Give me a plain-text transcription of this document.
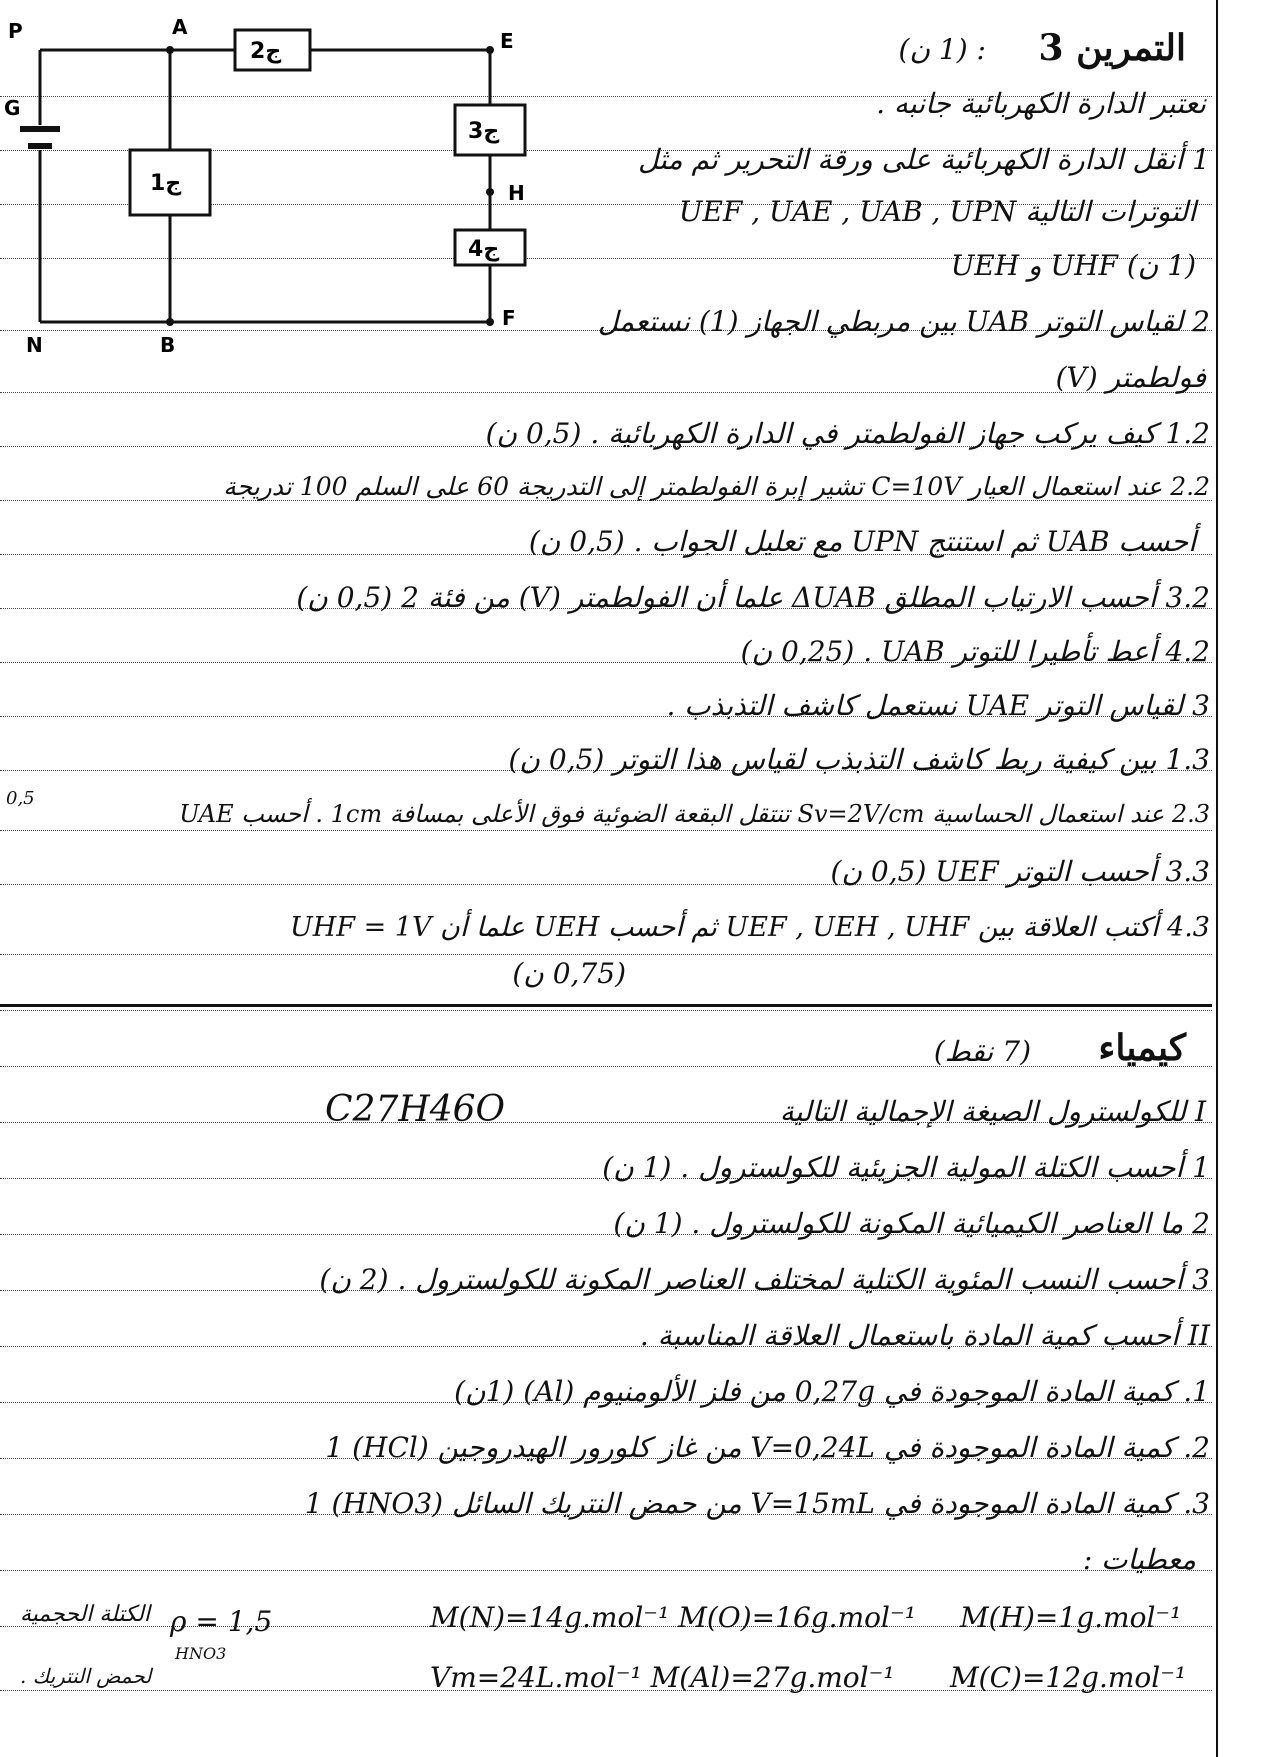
P	A
E
G
H
F
N	B
ج2
ج3
ج1
ج4
التمرين 3
: (1 ن)
نعتبر الدارة الكهربائية جانبه .
1 أنقل الدارة الكهربائية على ورقة التحرير ثم مثل
التوترات التالية UEF , UAE , UAB , UPN
(1 ن) UHF و UEH
2 لقياس التوتر UAB بين مربطي الجهاز (1) نستعمل
فولطمتر (V)
1.2 كيف يركب جهاز الفولطمتر في الدارة الكهربائية . (0,5 ن)
2.2 عند استعمال العيار C=10V تشير إبرة الفولطمتر إلى التدريجة 60 على السلم 100 تدريجة
أحسب UAB ثم استنتج UPN مع تعليل الجواب . (0,5 ن)
3.2 أحسب الارتياب المطلق ΔUAB علما أن الفولطمتر (V) من فئة 2 (0,5 ن)
4.2 أعط تأطيرا للتوتر UAB . (0,25 ن)
3 لقياس التوتر UAE نستعمل كاشف التذبذب .
1.3 بين كيفية ربط كاشف التذبذب لقياس هذا التوتر (0,5 ن)
2.3 عند استعمال الحساسية Sv=2V/cm تنتقل البقعة الضوئية فوق الأعلى بمسافة 1cm . أحسب UAE
0,5
3.3 أحسب التوتر UEF (0,5 ن)
4.3 أكتب العلاقة بين UEF , UEH , UHF ثم أحسب UEH علما أن UHF = 1V
(0,75 ن)
كيمياء
(7 نقط)
I للكولسترول الصيغة الإجمالية التالية
C27H46O
1 أحسب الكتلة المولية الجزيئية للكولسترول . (1 ن)
2 ما العناصر الكيميائية المكونة للكولسترول . (1 ن)
3 أحسب النسب المئوية الكتلية لمختلف العناصر المكونة للكولسترول . (2 ن)
II أحسب كمية المادة باستعمال العلاقة المناسبة .
1. كمية المادة الموجودة في 0,27g من فلز الألومنيوم (Al) (1ن)
2. كمية المادة الموجودة في V=0,24L من غاز كلورور الهيدروجين (HCl) 1
3. كمية المادة الموجودة في V=15mL من حمض النتريك السائل (HNO3) 1
معطيات :
ρ = 1,5
الكتلة الحجمية
HNO3
لحمض النتريك .
M(N)=14g.mol⁻¹ M(O)=16g.mol⁻¹ M(H)=1g.mol⁻¹
Vm=24L.mol⁻¹ M(Al)=27g.mol⁻¹ M(C)=12g.mol⁻¹
